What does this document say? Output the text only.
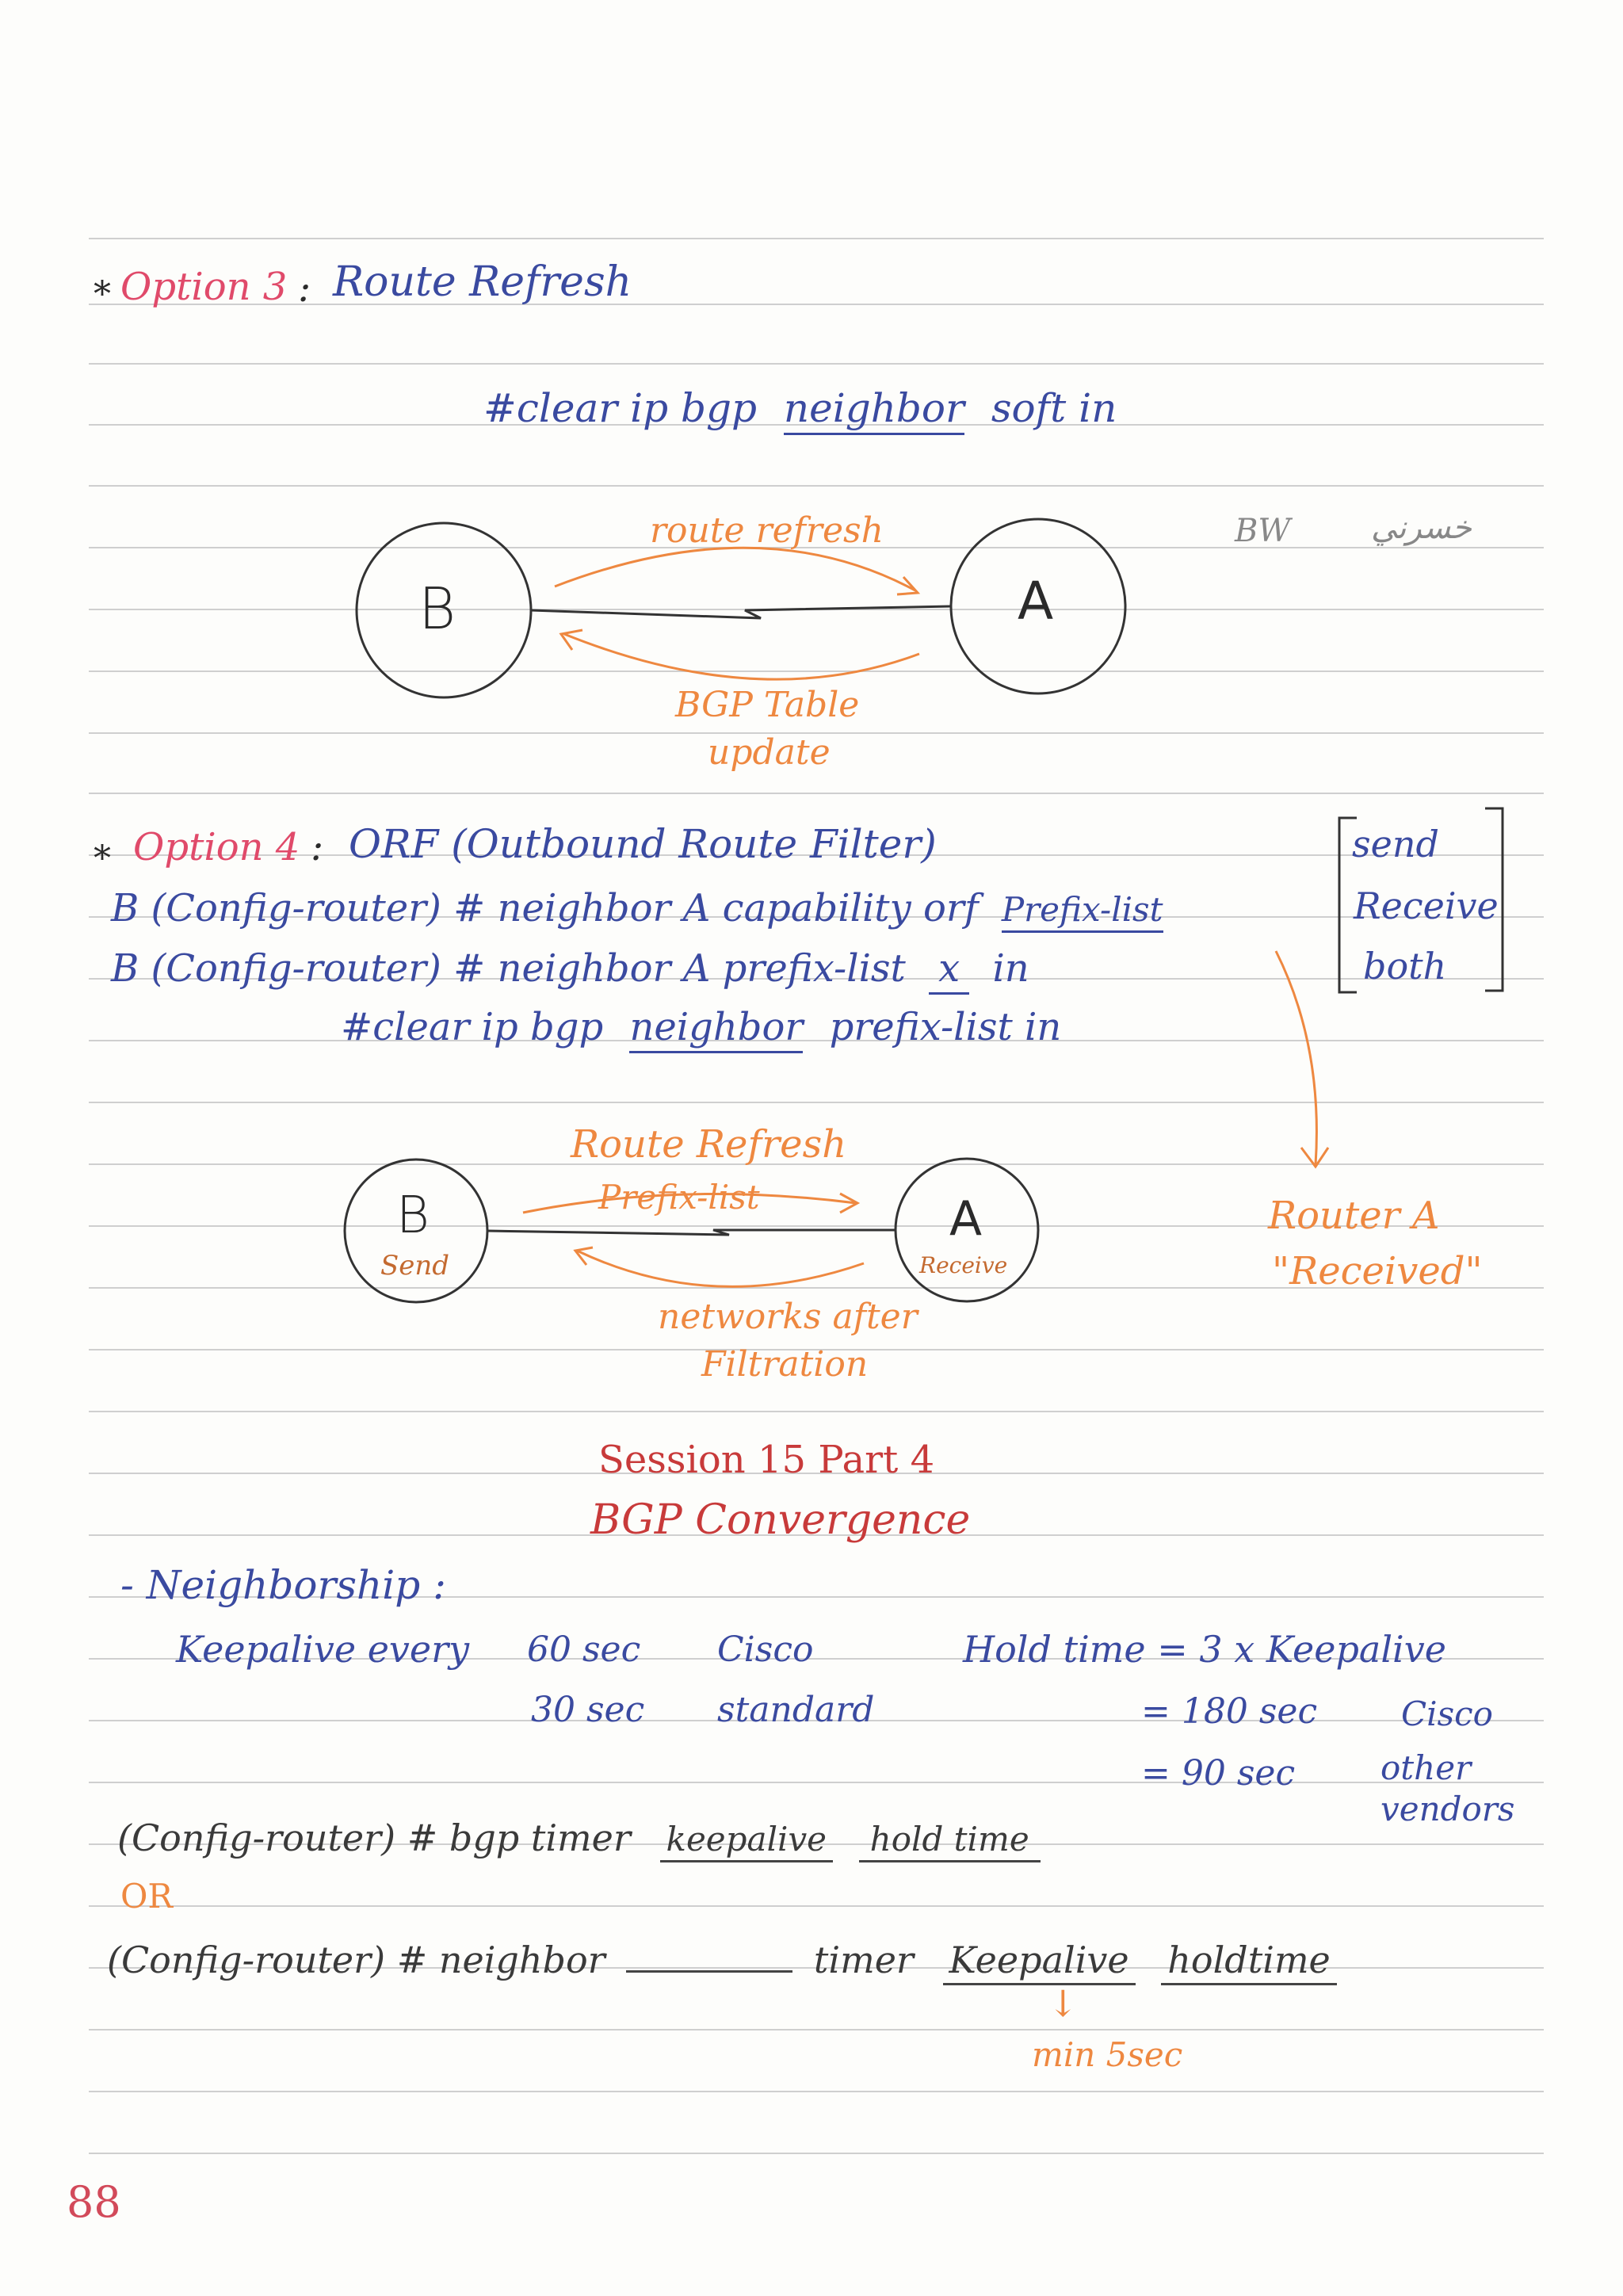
* Option 3 : Route Refresh
#clear ip bgp neighbor soft in
BW	خسرني
B	A
route refresh
BGP Table
update
* Option 4 : ORF (Outbound Route Filter)
B (Config-router) # neighbor A capability orf Prefix-list
B (Config-router) # neighbor A prefix-list x in
#clear ip bgp neighbor prefix-list in
send
Receive
both
Router A
"Received"
B
Send
A
Receive
Route Refresh
Prefix-list
networks after
Filtration
Session 15 Part 4
BGP Convergence
- Neighborship :
Keepalive every 60 sec Cisco
30 sec standard
Hold time = 3 x Keepalive
= 180 sec	Cisco
= 90 sec	other
vendors
(Config-router) # bgp timer keepalive hold time
OR
(Config-router) # neighbor	timer Keepalive holdtime
↓
min 5sec
88
